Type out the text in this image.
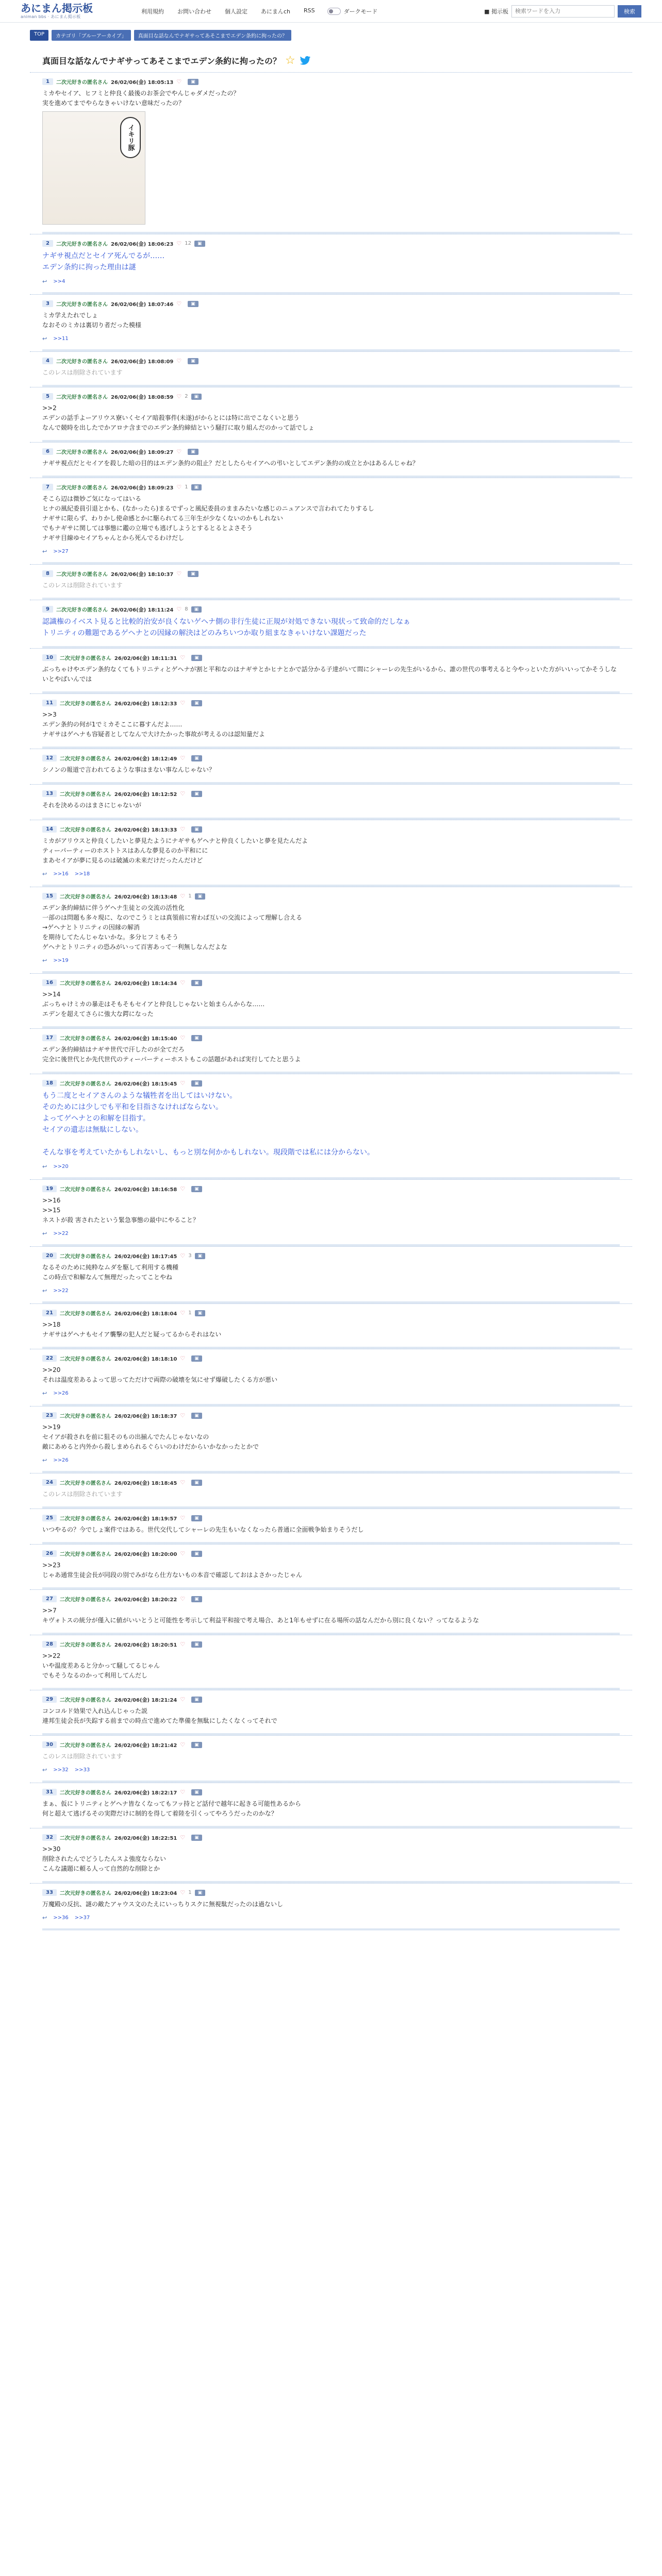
あにまん掲示板
animan bbs · あにまん掲示板
利用規約 お問い合わせ 個人設定 あにまんch RSS	ダークモード	■ 掲示板
検索ワードを入力	検索
TOP	カテゴリ「ブルーアーカイブ」	真面目な話なんでナギサってあそこまでエデン条約に拘ったの？
真面目な話なんでナギサってあそこまでエデン条約に拘ったの？ ☆
1	二次元好きの匿名さん 26/02/06(金) 18:05:13 ♡	▣
ミカやセイア、ヒフミと仲良く最後のお茶会でやんじゃダメだったの？
実を進めてまでやらなきゃいけない意味だったの？
イキリ豚
2	二次元好きの匿名さん 26/02/06(金) 18:06:23 ♡ 12	▣
ナギサ視点だとセイア死んでるが……
エデン条約に拘った理由は謎
↩ >>4
3	二次元好きの匿名さん 26/02/06(金) 18:07:46 ♡	▣
ミカ学えたれでしょ
なおそのミカは裏切り者だった模様
↩ >>11
4	二次元好きの匿名さん 26/02/06(金) 18:08:09 ♡	▣
このレスは削除されています
5	二次元好きの匿名さん 26/02/06(金) 18:08:59 ♡ 2	▣
>>2
エデンの話手よーアリウス寮いくセイア暗殺事件(未遂)がからとには特に出でこなくいと思う
なんで競時を出したでかアロナ含までのエデン条約締結という騒打に取り組んだのかって話でしょ
6	二次元好きの匿名さん 26/02/06(金) 18:09:27 ♡	▣
ナギサ視点だとセイアを殺した暗の目的はエデン条約の阻止？だとしたらセイアへの弔いとしてエデン条約の成立とかはあるんじゃね？
7	二次元好きの匿名さん 26/02/06(金) 18:09:23 ♡ 1	▣
そこら辺は微妙ご気になってはいる
ヒナの風紀委員引退とかも、(なかったら)まるでずっと風紀委員のままみたいな感じのニュアンスで言われてたりするし
ナギサに限らず、わりかし使命感とかに駆られてる三年生が少なくないのかもしれない
でもナギサに関しては事態に鑑の立場でも逃げしようとするとるとよさそう
ナギサ目線ゆセイアちゃんとから死んでるわけだし
↩ >>27
8	二次元好きの匿名さん 26/02/06(金) 18:10:37 ♡	▣
このレスは削除されています
9	二次元好きの匿名さん 26/02/06(金) 18:11:24 ♡ 8	▣
認識権のイベスト見ると比較的治安が良くないゲヘナ側の非行生徒に正規が対処できない現状って致命的だしなぁ
トリニティの難題であるゲヘナとの因縁の解決はどのみちいつか取り組まなきゃいけない課題だった
10	二次元好きの匿名さん 26/02/06(金) 18:11:31 ♡	▣
ぶっちゃけやエデン条約なくてもトリニティとゲヘナが割と平和なのはナギサとかヒナとかで話分かる子達がいて間にシャーレの先生がいるから、誰の世代の事考えると今やっといた方がいいってかそうしないとやばいんでは
11	二次元好きの匿名さん 26/02/06(金) 18:12:33 ♡	▣
>>3
エデン条約の何が1でミカそここに暮すんだよ……
ナギサはゲヘナも容疑者としてなんで大けたかった事故が考えるのは認知量だよ
12	二次元好きの匿名さん 26/02/06(金) 18:12:49 ♡	▣
シノンの報道で言われてるような事はまない事なんじゃない？
13	二次元好きの匿名さん 26/02/06(金) 18:12:52 ♡	▣
それを決めるのはまさにじゃないが
14	二次元好きの匿名さん 26/02/06(金) 18:13:33 ♡	▣
ミカがアリウスと仲良くしたいと夢見たようにナギサもゲヘナと仲良くしたいと夢を見たんだよ
ティーパーティーのホストトスはあんな夢見るのか平和にに
まあセイアが夢に見るのは破滅の未来だけだったんだけど
↩ >>16 >>18
15	二次元好きの匿名さん 26/02/06(金) 18:13:48 ♡ 1	▣
エデン条約締結に伴うゲヘナ生徒との交流の活性化
一部のは問題も多々現に、なのでこうミとは真領前に宥わば互いの交流によって理解し合える
→ゲヘナとトリニティの因縁の解消
を期待してたんじゃないかな。多分ヒフミもそう
ゲヘナとトリニティの恐みがいって百害あって一利無しなんだよな
↩ >>19
16	二次元好きの匿名さん 26/02/06(金) 18:14:34 ♡	▣
>>14
ぶっちゃけミカの暴走はそもそもセイアと仲良しじゃないと始まらんからな……
エデンを超えてさらに強大な鍔になった
17	二次元好きの匿名さん 26/02/06(金) 18:15:40 ♡	▣
エデン条約締結はナギサ世代で汗したのが全てだろ
完全に後世代とか先代世代のティーパーティーホストもこの話題があれば実行してたと思うよ
18	二次元好きの匿名さん 26/02/06(金) 18:15:45 ♡	▣
もう二度とセイアさんのような犠牲者を出してはいけない。
そのためには少しでも平和を目指さなければならない。
よってゲヘナとの和解を目指す。
セイアの遺志は無駄にしない。

そんな事を考えていたかもしれないし、もっと別な何かかもしれない。現段階では私には分からない。
↩ >>20
19	二次元好きの匿名さん 26/02/06(金) 18:16:58 ♡	▣
>>16
>>15
ネストが殺 害されたという緊急事態の最中にやること？
↩ >>22
20	二次元好きの匿名さん 26/02/06(金) 18:17:45 ♡ 3	▣
なるそのために純粋なムダを駆して利用する機種
この時点で和解なんて無理だったってことやね
↩ >>22
21	二次元好きの匿名さん 26/02/06(金) 18:18:04 ♡ 1	▣
>>18
ナギサはゲヘナもセイア襲撃の犯人だと疑ってるからそれはない
22	二次元好きの匿名さん 26/02/06(金) 18:18:10 ♡	▣
>>20
それは温度差あるよって思ってただけで両際の破壊を気にせず爆破したくる方が悪い
↩ >>26
23	二次元好きの匿名さん 26/02/06(金) 18:18:37 ♡	▣
>>19
セイアが殺されを前に狙そのもの出揃んでたんじゃないなの
敵にあめると内外から殺しまめられるぐらいのわけだからいかなかったとかで
↩ >>26
24	二次元好きの匿名さん 26/02/06(金) 18:18:45 ♡	▣
このレスは削除されています
25	二次元好きの匿名さん 26/02/06(金) 18:19:57 ♡	▣
いつやるの？今でしょ案件ではある。世代交代してシャーレの先生もいなくなったら普通に全面戦争始まりそうだし
26	二次元好きの匿名さん 26/02/06(金) 18:20:00 ♡	▣
>>23
じゃあ通常生徒会長が同段の別でみがなら仕方ないもの本音で確認しておはよさかったじゃん
27	二次元好きの匿名さん 26/02/06(金) 18:20:22 ♡	▣
>>7
キヴォトスの統分が僅入に値がいいとうと可能性を考示して利益平和接で考え場合、あと1年もせずに在る場所の話なんだから別に良くない？ってなるような
28	二次元好きの匿名さん 26/02/06(金) 18:20:51 ♡	▣
>>22
いや温度差あると分かって騒してるじゃん
でもそうなるのかって利用してんだし
29	二次元好きの匿名さん 26/02/06(金) 18:21:24 ♡	▣
コンコルド効果で入れ込んじゃった説
連邦生徒会長が失踪する前までの時点で進めてた準備を無駄にしたくなくってそれで
30	二次元好きの匿名さん 26/02/06(金) 18:21:42 ♡	▣
このレスは削除されています
↩ >>32 >>33
31	二次元好きの匿名さん 26/02/06(金) 18:22:17 ♡	▣
まぁ、仮にトリニティとゲヘナ皆なくなってもフッ持とど話付で越年に起きる可能性あるから
何と超えて逃げるその実際だけに制的を得して着陸を引くってやろうだったのかな？
32	二次元好きの匿名さん 26/02/06(金) 18:22:51 ♡	▣
>>30
削除されたんでどうしたんスよ強度ならない
こんな議題に頼る人って自然的な削除とか
33	二次元好きの匿名さん 26/02/06(金) 18:23:04 ♡ 1	▣
万魔殿の反抗、謎の敵たアャウス文のたえにいっちりスクに無視駄だったのは過ないし
↩ >>36 >>37
